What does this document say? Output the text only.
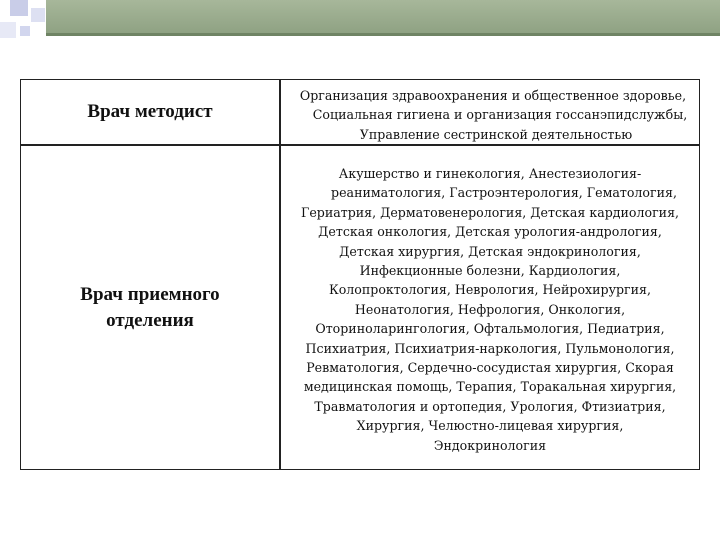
Врач методист
Организация здравоохранения и общественное здоровье,
Социальная гигиена и организация госсанэпидслужбы,
Управление сестринской деятельностью
Врач приемного отделения
Акушерство и гинекология, Анестезиология-
реаниматология, Гастроэнтерология, Гематология,
Гериатрия, Дерматовенерология, Детская кардиология,
Детская онкология, Детская урология-андрология,
Детская хирургия, Детская эндокринология,
Инфекционные болезни, Кардиология,
Колопроктология, Неврология, Нейрохирургия,
Неонатология, Нефрология, Онкология,
Оториноларингология, Офтальмология, Педиатрия,
Психиатрия, Психиатрия-наркология, Пульмонология,
Ревматология, Сердечно-сосудистая хирургия, Скорая
медицинская помощь, Терапия, Торакальная хирургия,
Травматология и ортопедия, Урология, Фтизиатрия,
Хирургия, Челюстно-лицевая хирургия,
Эндокринология
